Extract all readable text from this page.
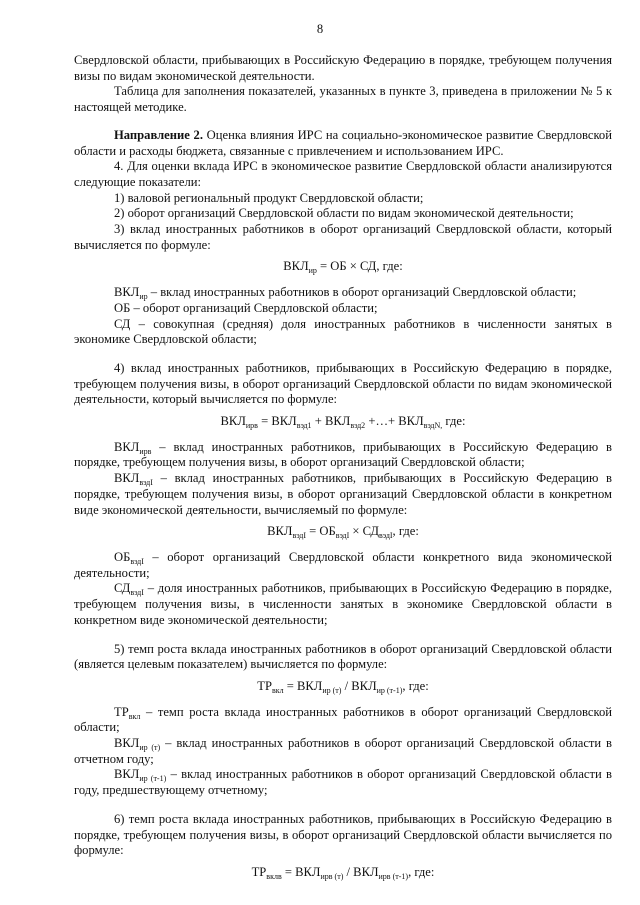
8

Свердловской области, прибывающих в Российскую Федерацию в порядке, требующем получения визы по видам экономической деятельности.

Таблица для заполнения показателей, указанных в пункте 3, приведена в приложении № 5 к настоящей методике.

Направление 2. Оценка влияния ИРС на социально-экономическое развитие Свердловской области и расходы бюджета, связанные с привлечением и использованием ИРС.

4. Для оценки вклада ИРС в экономическое развитие Свердловской области анализируются следующие показатели:

1) валовой региональный продукт Свердловской области;

2) оборот организаций Свердловской области по видам экономической деятельности;

3) вклад иностранных работников в оборот организаций Свердловской области, который вычисляется по формуле:

$ВКЛ_{ир}$ = ОБ × СД, где:

$ВКЛ_{ир}$ – вклад иностранных работников в оборот организаций Свердловской области;

ОБ – оборот организаций Свердловской области;

СД – совокупная (средняя) доля иностранных работников в численности занятых в экономике Свердловской области;

4) вклад иностранных работников, прибывающих в Российскую Федерацию в порядке, требующем получения визы, в оборот организаций Свердловской области по видам экономической деятельности, который вычисляется по формуле:

$ВКЛ_{ирв} = ВКЛ_{вэд1} + ВКЛ_{вэд2}$ +…+ $ВКЛ_{вэдN,}$ где:

$ВКЛ_{ирв}$ – вклад иностранных работников, прибывающих в Российскую Федерацию в порядке, требующем получения визы, в оборот организаций Свердловской области;

$ВКЛ_{вэдI}$ – вклад иностранных работников, прибывающих в Российскую Федерацию в порядке, требующем получения визы, в оборот организаций Свердловской области в конкретном виде экономической деятельности, вычисляемый по формуле:

$ВКЛ_{вэдI} = ОБ_{вэдI} \times СД_{вэдI}$, где:

$ОБ_{вэдI}$ – оборот организаций Свердловской области конкретного вида экономической деятельности;

$СД_{вэдI}$ – доля иностранных работников, прибывающих в Российскую Федерацию в порядке, требующем получения визы, в численности занятых в экономике Свердловской области в конкретном виде экономической деятельности;

5) темп роста вклада иностранных работников в оборот организаций Свердловской области (является целевым показателем) вычисляется по формуле:

$ТР_{вкл} = ВКЛ_{ир (т)} / ВКЛ_{ир (т-1)}$, где:

$ТР_{вкл}$ – темп роста вклада иностранных работников в оборот организаций Свердловской области;

$ВКЛ_{ир (т)}$ – вклад иностранных работников в оборот организаций Свердловской области в отчетном году;

$ВКЛ_{ир (т-1)}$ – вклад иностранных работников в оборот организаций Свердловской области в году, предшествующему отчетному;

6) темп роста вклада иностранных работников, прибывающих в Российскую Федерацию в порядке, требующем получения визы, в оборот организаций Свердловской области вычисляется по формуле:

$ТР_{вклв} = ВКЛ_{ирв (т)} / ВКЛ_{ирв (т-1)}$, где:
